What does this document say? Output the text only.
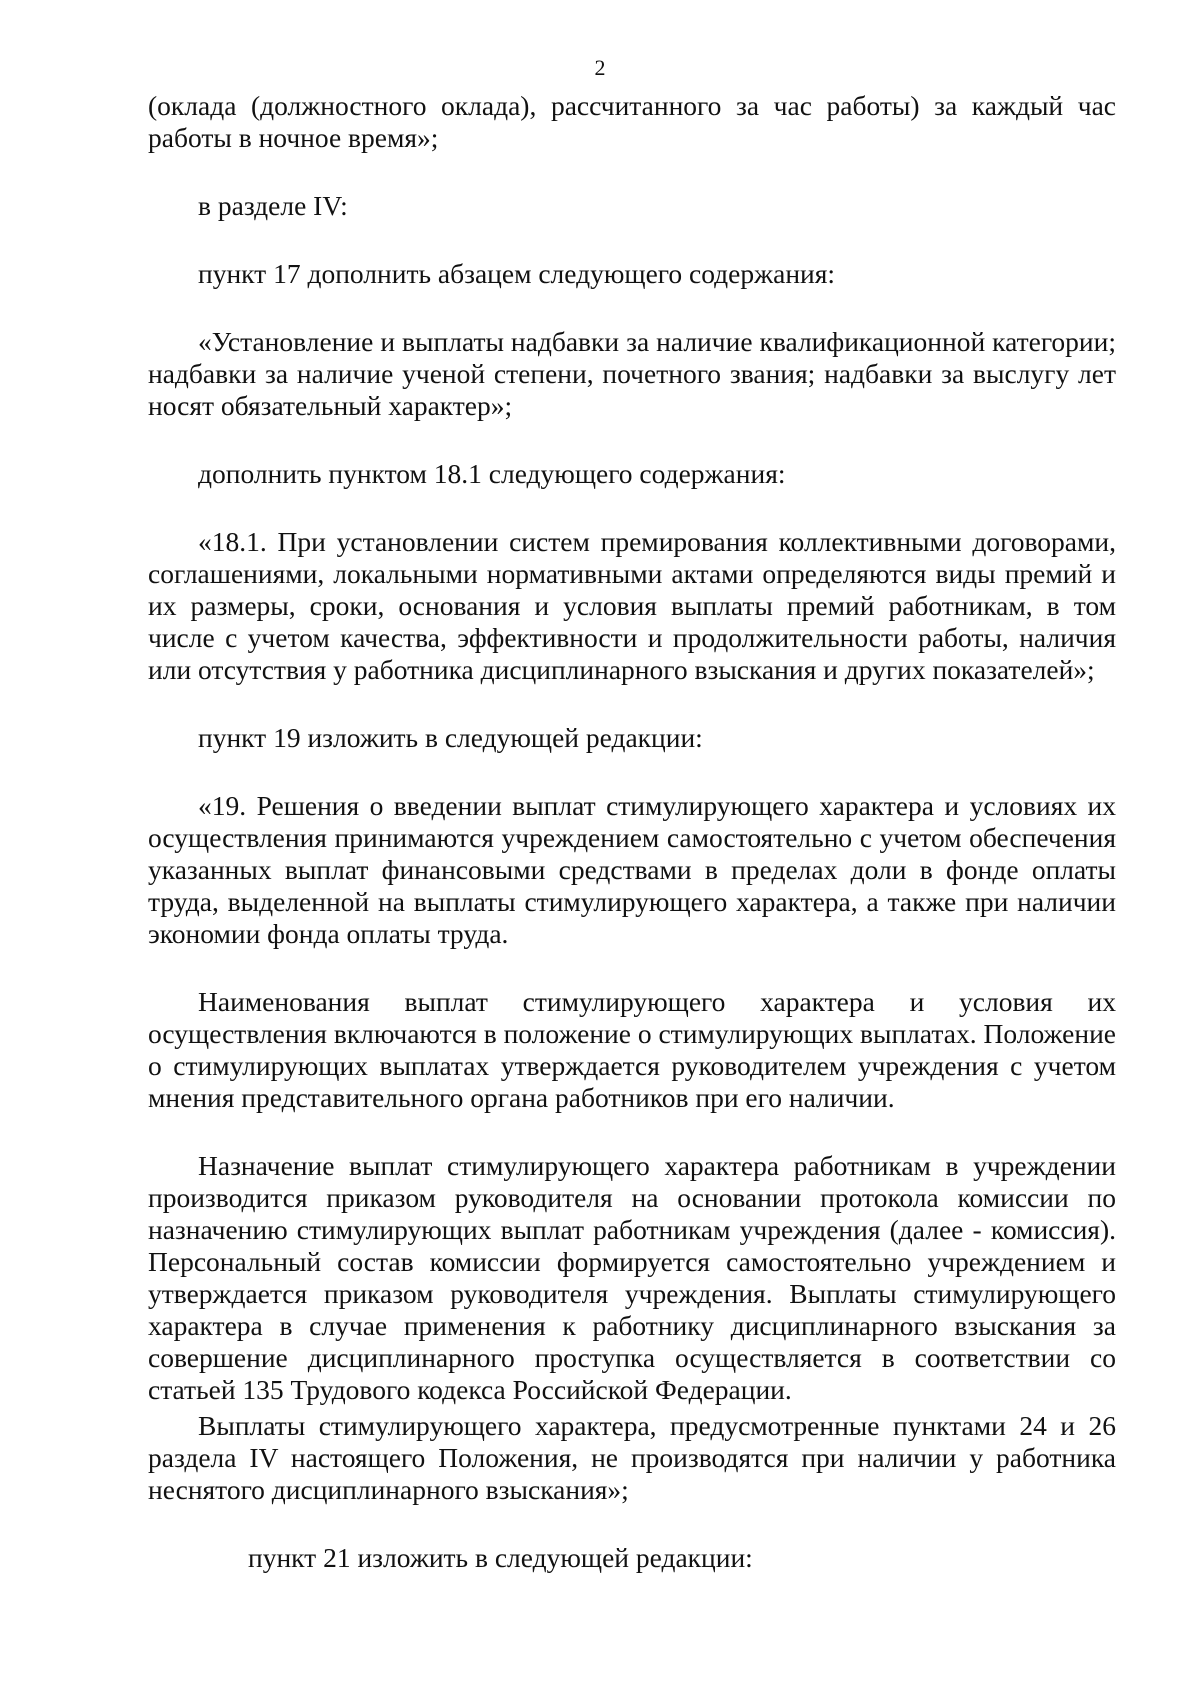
2

(оклада (должностного оклада), рассчитанного за час работы) за каждый час работы в ночное время»;

в разделе IV:

пункт 17 дополнить абзацем следующего содержания:

«Установление и выплаты надбавки за наличие квалификационной категории; надбавки за наличие ученой степени, почетного звания; надбавки за выслугу лет носят обязательный характер»;

дополнить пунктом 18.1 следующего содержания:

«18.1. При установлении систем премирования коллективными договорами, соглашениями, локальными нормативными актами определяются виды премий и их размеры, сроки, основания и условия выплаты премий работникам, в том числе с учетом качества, эффективности и продолжительности работы, наличия или отсутствия у работника дисциплинарного взыскания и других показателей»;

пункт 19 изложить в следующей редакции:

«19. Решения о введении выплат стимулирующего характера и условиях их осуществления принимаются учреждением самостоятельно с учетом обеспечения указанных выплат финансовыми средствами в пределах доли в фонде оплаты труда, выделенной на выплаты стимулирующего характера, а также при наличии экономии фонда оплаты труда.

Наименования выплат стимулирующего характера и условия их осуществления включаются в положение о стимулирующих выплатах. Положение о стимулирующих выплатах утверждается руководителем учреждения с учетом мнения представительного органа работников при его наличии.

Назначение выплат стимулирующего характера работникам в учреждении производится приказом руководителя на основании протокола комиссии по назначению стимулирующих выплат работникам учреждения (далее - комиссия). Персональный состав комиссии формируется самостоятельно учреждением и утверждается приказом руководителя учреждения. Выплаты стимулирующего характера в случае применения к работнику дисциплинарного взыскания за совершение дисциплинарного проступка осуществляется в соответствии со статьей 135 Трудового кодекса Российской Федерации.

Выплаты стимулирующего характера, предусмотренные пунктами 24 и 26 раздела IV настоящего Положения, не производятся при наличии у работника неснятого дисциплинарного взыскания»;

пункт 21 изложить в следующей редакции:
